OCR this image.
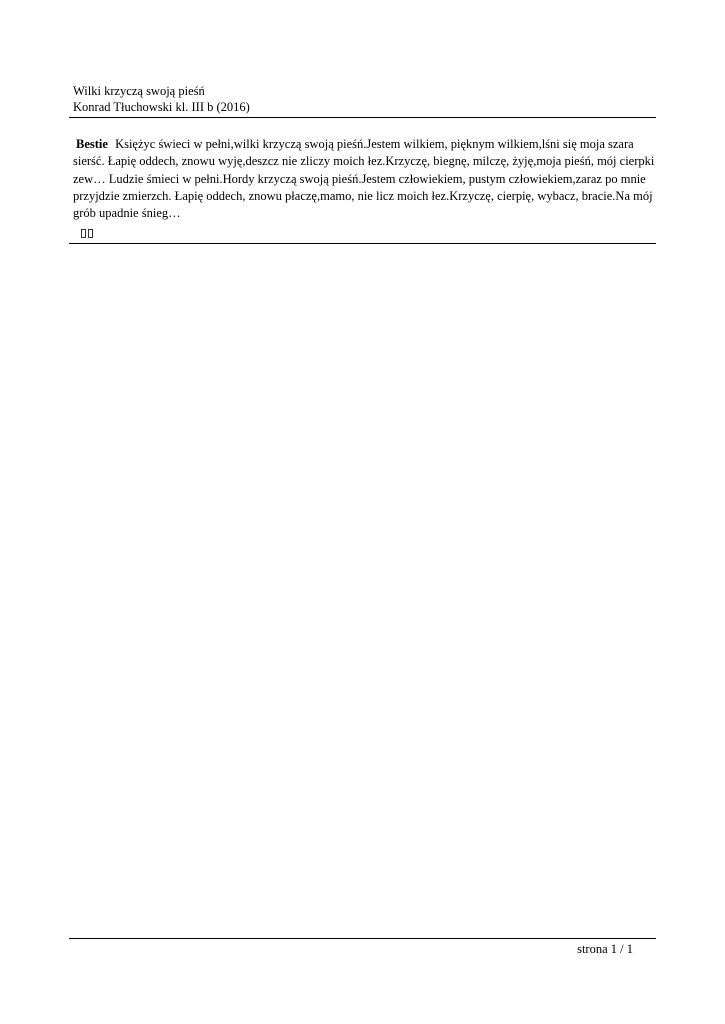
Wilki krzyczą swoją pieśń
Konrad Tłuchowski kl. III b (2016)
Bestie Księżyc świeci w pełni,wilki krzyczą swoją pieśń.Jestem wilkiem, pięknym wilkiem,lśni się moja szara sierść. Łapię oddech, znowu wyję,deszcz nie zliczy moich łez.Krzyczę, biegnę, milczę, żyję,moja pieśń, mój cierpki zew… Ludzie śmieci w pełni.Hordy krzyczą swoją pieśń.Jestem człowiekiem, pustym człowiekiem,zaraz po mnie przyjdzie zmierzch. Łapię oddech, znowu płaczę,mamo, nie licz moich łez.Krzyczę, cierpię, wybacz, bracie.Na mój grób upadnie śnieg…
strona 1 / 1
